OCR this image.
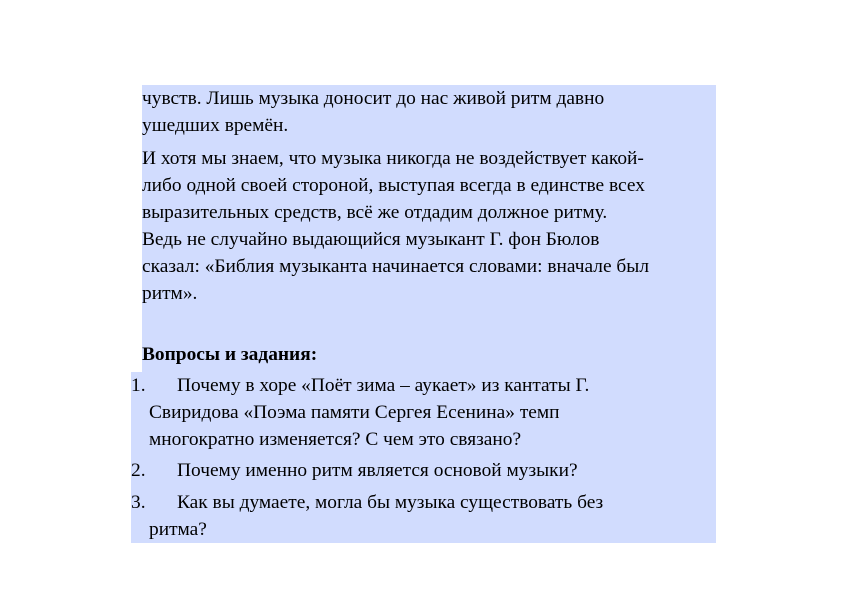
чувств. Лишь музыка доносит до нас живой ритм давно
ушедших времён.
И хотя мы знаем, что музыка никогда не воздействует какой-
либо одной своей стороной, выступая всегда в единстве всех
выразительных средств, всё же отдадим должное ритму.
Ведь не случайно выдающийся музыкант Г. фон Бюлов
сказал: «Библия музыканта начинается словами: вначале был
ритм».
Вопросы и задания:
1.	Почему в хоре «Поёт зима – аукает» из кантаты Г.
Свиридова «Поэма памяти Сергея Есенина» темп
многократно изменяется? С чем это связано?
2.	Почему именно ритм является основой музыки?
3.	Как вы думаете, могла бы музыка существовать без
ритма?
